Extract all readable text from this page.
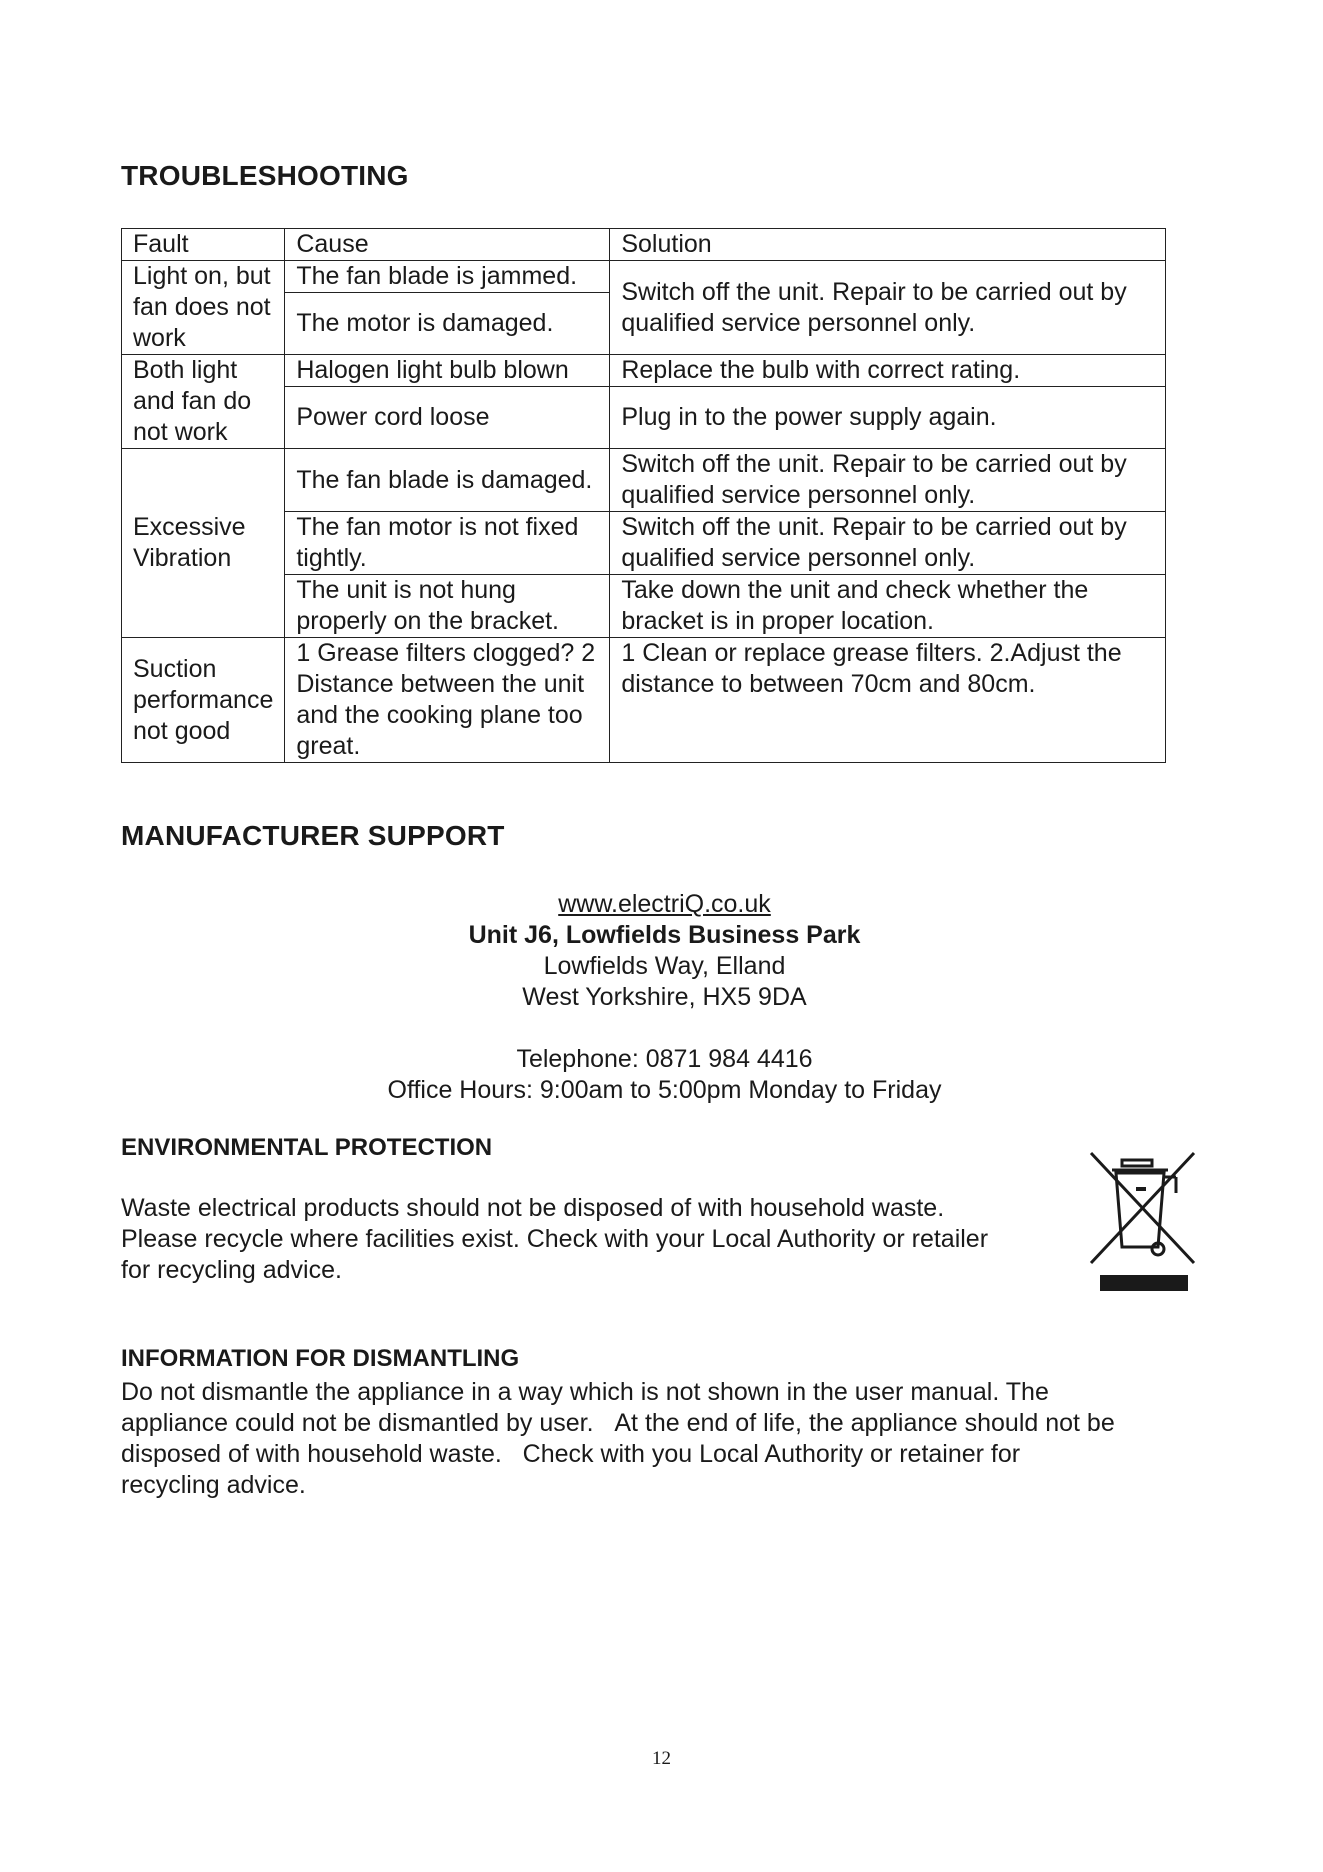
TROUBLESHOOTING
Fault	Cause	Solution
Light on, but fan does not work	The fan blade is jammed.	Switch off the unit. Repair to be carried out by qualified service personnel only.
	The motor is damaged.	
Both light and fan do not work	Halogen light bulb blown	Replace the bulb with correct rating.
	Power cord loose	Plug in to the power supply again.
Excessive Vibration	The fan blade is damaged.	Switch off the unit. Repair to be carried out by qualified service personnel only.
	The fan motor is not fixed tightly.	Switch off the unit. Repair to be carried out by qualified service personnel only.
	The unit is not hung properly on the bracket.	Take down the unit and check whether the bracket is in proper location.
Suction performance not good	1 Grease filters clogged? 2 Distance between the unit and the cooking plane too great.	1 Clean or replace grease filters. 2.Adjust the distance to between 70cm and 80cm.
MANUFACTURER SUPPORT
www.electriQ.co.uk
Unit J6, Lowfields Business Park
Lowfields Way, Elland
West Yorkshire, HX5 9DA
Telephone: 0871 984 4416
Office Hours: 9:00am to 5:00pm Monday to Friday
ENVIRONMENTAL PROTECTION
Waste electrical products should not be disposed of with household waste.
Please recycle where facilities exist. Check with your Local Authority or retailer
for recycling advice.
INFORMATION FOR DISMANTLING
Do not dismantle the appliance in a way which is not shown in the user manual. The
appliance could not be dismantled by user.   At the end of life, the appliance should not be
disposed of with household waste.   Check with you Local Authority or retainer for
recycling advice.
12
